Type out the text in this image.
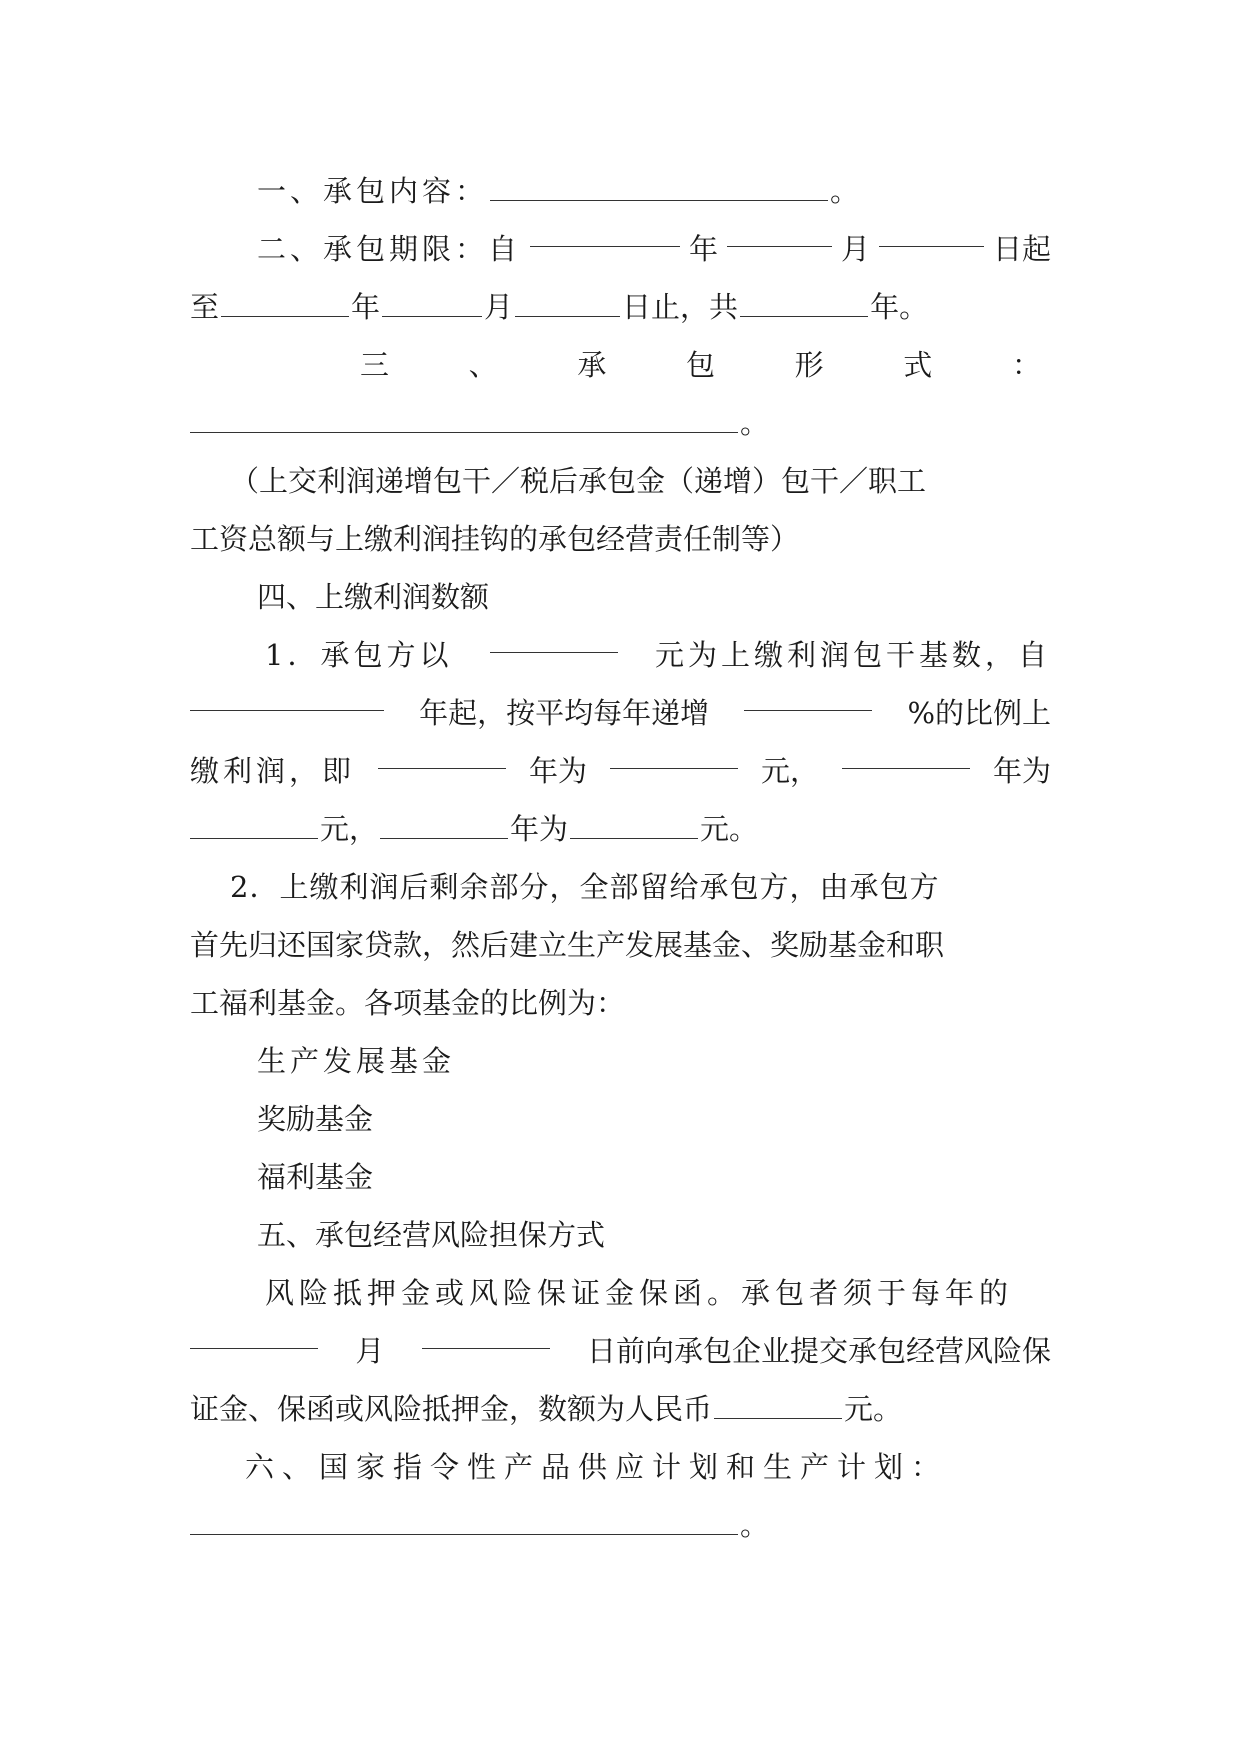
一、承包内容：	。
二、承包期限：自	年	月	日起
至	年	月	日止，共	年。
三	、	承	包	形	式	：
。
（上交利润递增包干／税后承包金（递增）包干／职工
工资总额与上缴利润挂钩的承包经营责任制等）
四、上缴利润数额
1．承包方以	元为上缴利润包干基数，自
年起，按平均每年递增	%的比例上
缴利润，即	年为	元，	年为
元，	年为	元。
2．上缴利润后剩余部分，全部留给承包方，由承包方
首先归还国家贷款，然后建立生产发展基金、奖励基金和职
工福利基金。各项基金的比例为：
生产发展基金
奖励基金
福利基金
五、承包经营风险担保方式
风险抵押金或风险保证金保函。承包者须于每年的
月	日前向承包企业提交承包经营风险保
证金、保函或风险抵押金，数额为人民币	元。
六、国家指令性产品供应计划和生产计划：
。
